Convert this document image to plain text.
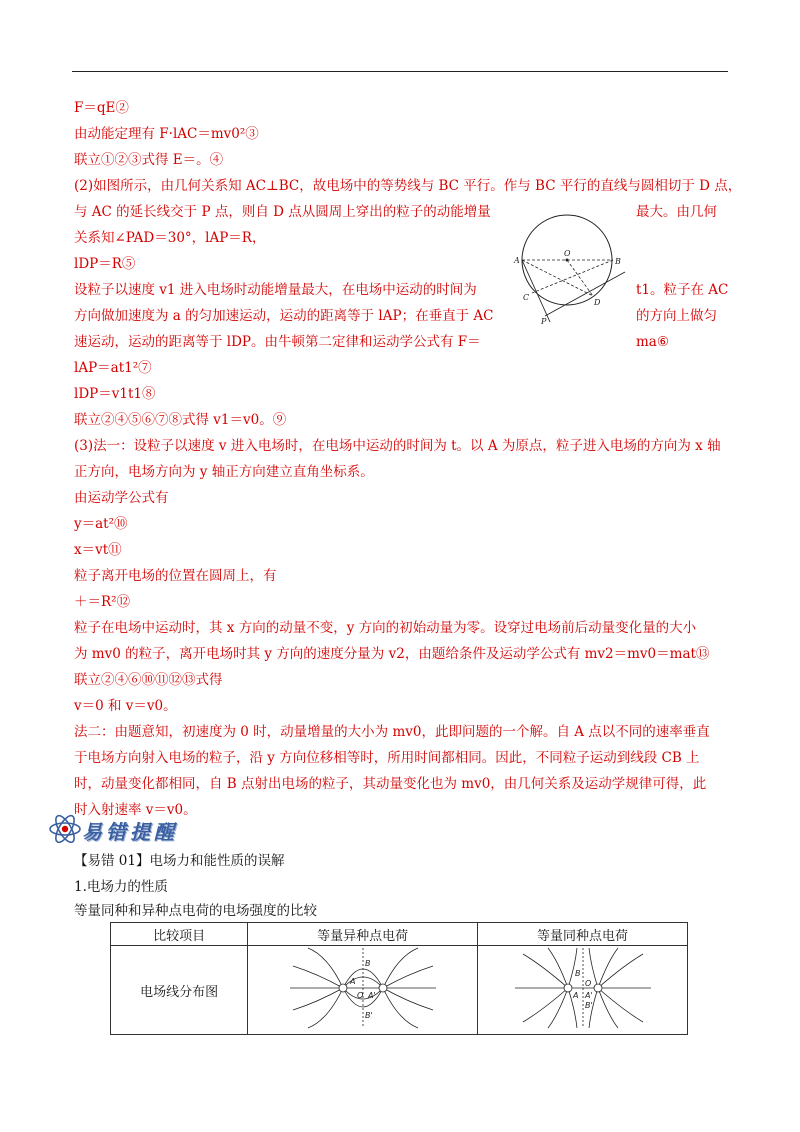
F＝qE②
由动能定理有 F·lAC＝mv0²③
联立①②③式得 E＝。④
(2)如图所示，由几何关系知 AC⊥BC，故电场中的等势线与 BC 平行。作与 BC 平行的直线与圆相切于 D 点，
与 AC 的延长线交于 P 点，则自 D 点从圆周上穿出的粒子的动能增量
关系知∠PAD＝30°，lAP＝R，
lDP＝R⑤
设粒子以速度 v1 进入电场时动能增量最大，在电场中运动的时间为
方向做加速度为 a 的匀加速运动，运动的距离等于 lAP；在垂直于 AC
速运动，运动的距离等于 lDP。由牛顿第二定律和运动学公式有 F＝
lAP＝at1²⑦
lDP＝v1t1⑧
联立②④⑤⑥⑦⑧式得 v1＝v0。⑨
(3)法一：设粒子以速度 v 进入电场时，在电场中运动的时间为 t。以 A 为原点，粒子进入电场的方向为 x 轴
正方向，电场方向为 y 轴正方向建立直角坐标系。
由运动学公式有
y＝at²⑩
x＝vt⑪
粒子离开电场的位置在圆周上，有
＋＝R²⑫
粒子在电场中运动时，其 x 方向的动量不变，y 方向的初始动量为零。设穿过电场前后动量变化量的大小
为 mv0 的粒子，离开电场时其 y 方向的速度分量为 v2，由题给条件及运动学公式有 mv2＝mv0＝mat⑬
联立②④⑥⑩⑪⑫⑬式得
v＝0 和 v＝v0。
法二：由题意知，初速度为 0 时，动量增量的大小为 mv0，此即问题的一个解。自 A 点以不同的速率垂直
于电场方向射入电场的粒子，沿 y 方向位移相等时，所用时间都相同。因此，不同粒子运动到线段 CB 上
时，动量变化都相同，自 B 点射出电场的粒子，其动量变化也为 mv0，由几何关系及运动学规律可得，此
时入射速率 v＝v0。
最大。由几何
t1。粒子在 AC
的方向上做匀
ma⑥
A
O
B
C
D
P
易错提醒
【易错 01】电场力和能性质的误解
1.电场力的性质
等量同种和异种点电荷的电场强度的比较
比较项目	等量异种点电荷	等量同种点电荷
电场线分布图	B
A
O A'
B'	B
A
O
A'
B'
